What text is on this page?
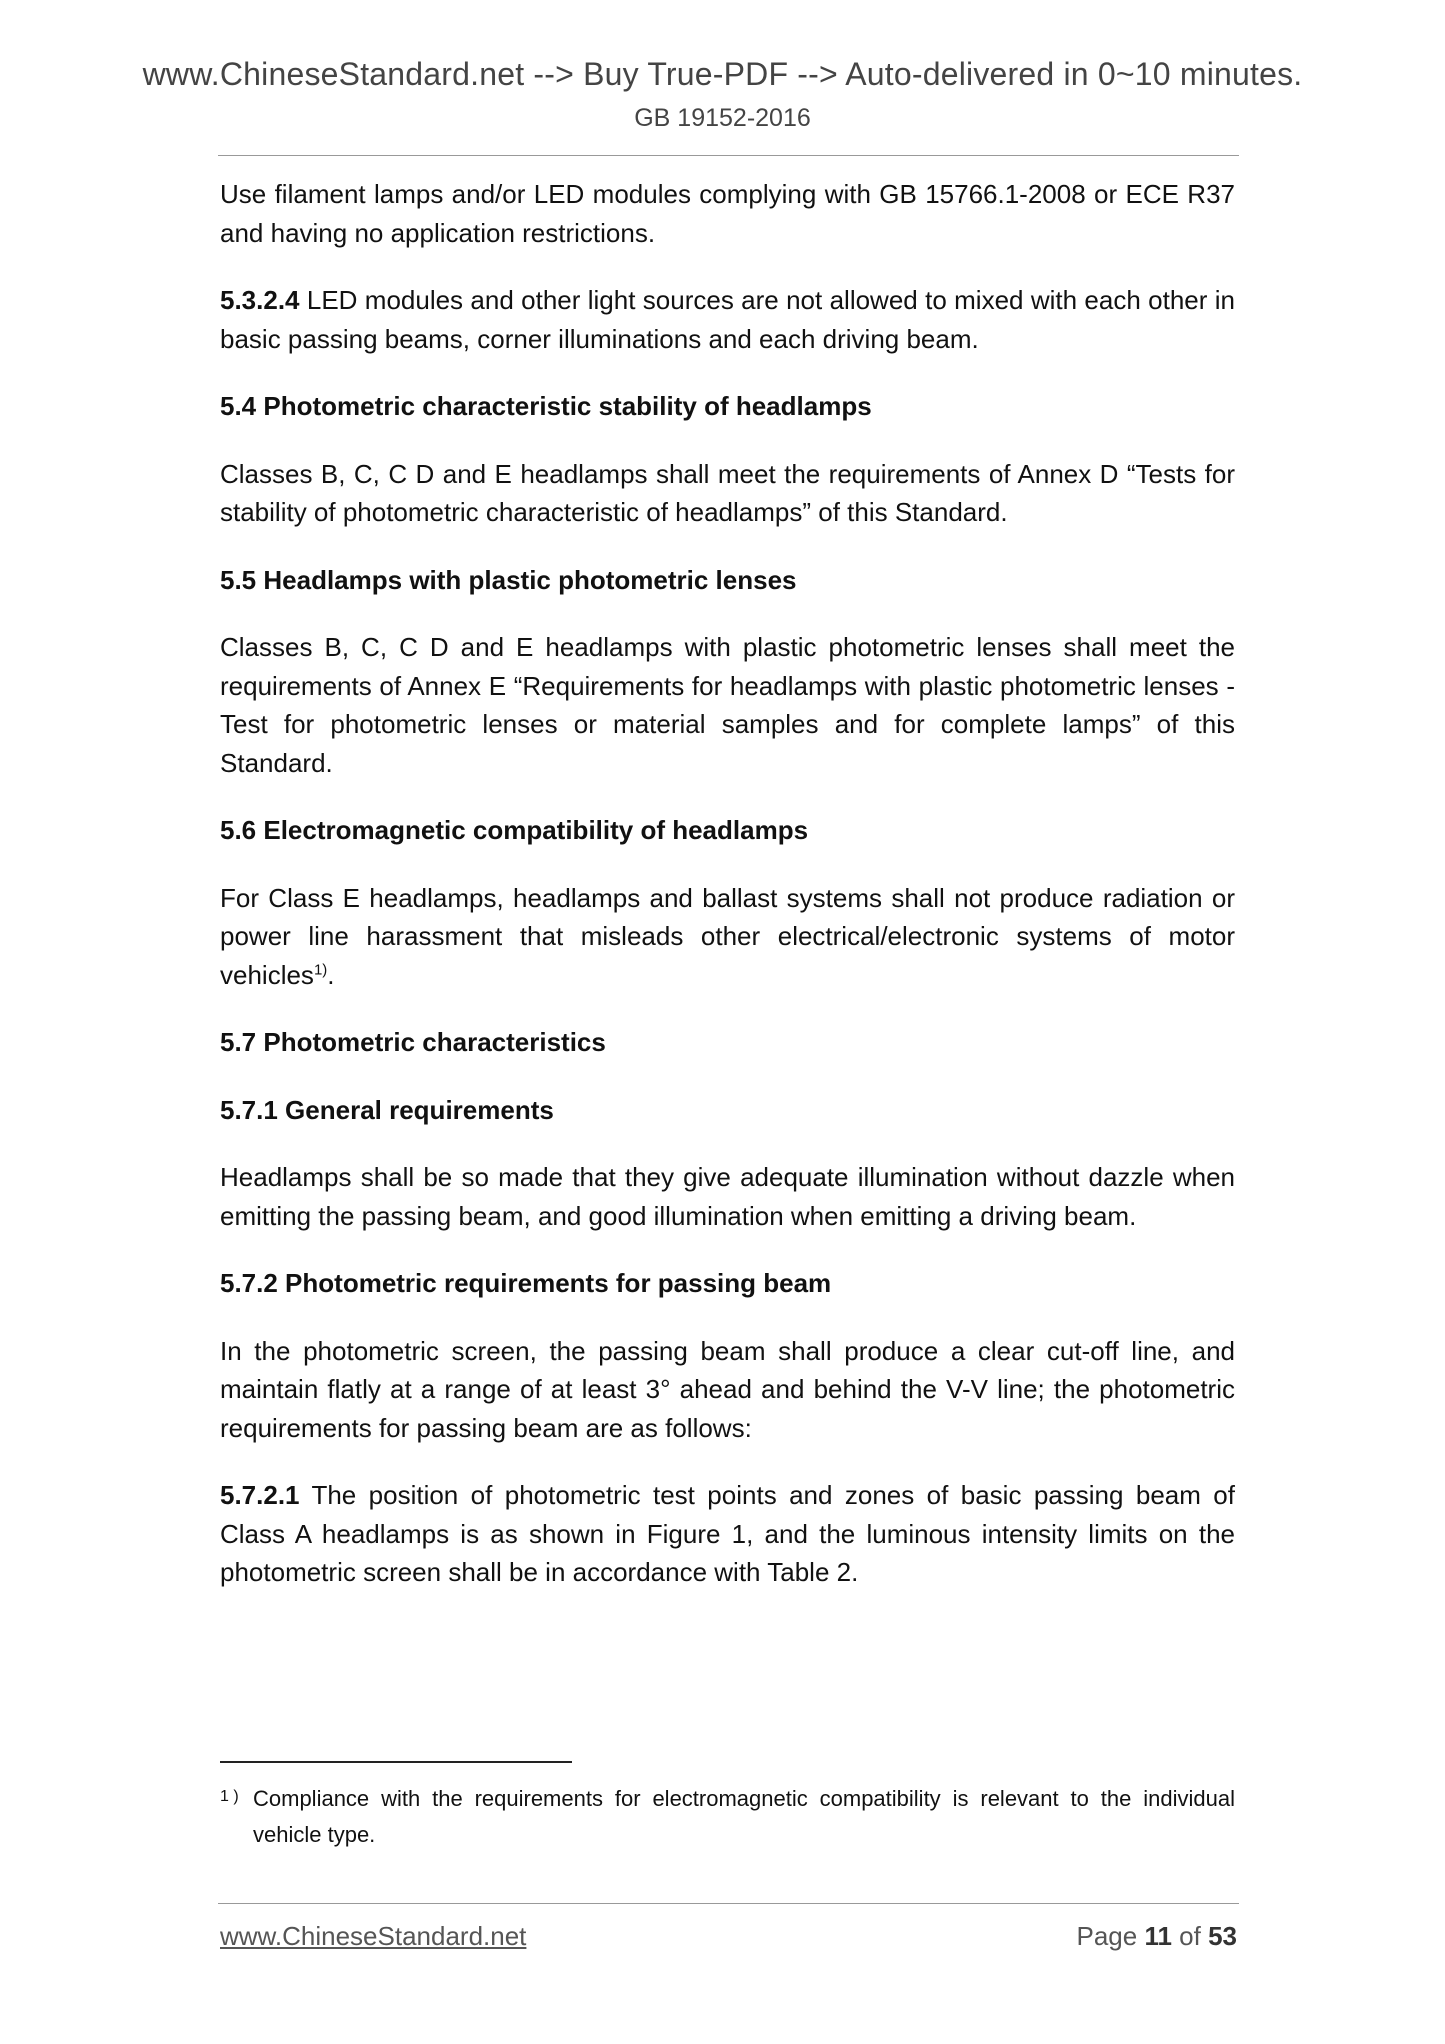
www.ChineseStandard.net --> Buy True-PDF --> Auto-delivered in 0~10 minutes.
GB 19152-2016

Use filament lamps and/or LED modules complying with GB 15766.1-2008 or ECE R37 and having no application restrictions.

5.3.2.4 LED modules and other light sources are not allowed to mixed with each other in basic passing beams, corner illuminations and each driving beam.

5.4 Photometric characteristic stability of headlamps

Classes B, C, C D and E headlamps shall meet the requirements of Annex D “Tests for stability of photometric characteristic of headlamps” of this Standard.

5.5 Headlamps with plastic photometric lenses

Classes B, C, C D and E headlamps with plastic photometric lenses shall meet the requirements of Annex E “Requirements for headlamps with plastic photometric lenses - Test for photometric lenses or material samples and for complete lamps” of this Standard.

5.6 Electromagnetic compatibility of headlamps

For Class E headlamps, headlamps and ballast systems shall not produce radiation or power line harassment that misleads other electrical/electronic systems of motor vehicles$^{1)}$.

5.7 Photometric characteristics
5.7.1 General requirements

Headlamps shall be so made that they give adequate illumination without dazzle when emitting the passing beam, and good illumination when emitting a driving beam.

5.7.2 Photometric requirements for passing beam

In the photometric screen, the passing beam shall produce a clear cut-off line, and maintain flatly at a range of at least 3° ahead and behind the V-V line; the photometric requirements for passing beam are as follows:

5.7.2.1 The position of photometric test points and zones of basic passing beam of Class A headlamps is as shown in Figure 1, and the luminous intensity limits on the photometric screen shall be in accordance with Table 2.

1 ) Compliance with the requirements for electromagnetic compatibility is relevant to the individual vehicle type.
www.ChineseStandard.net	Page 11 of 53
